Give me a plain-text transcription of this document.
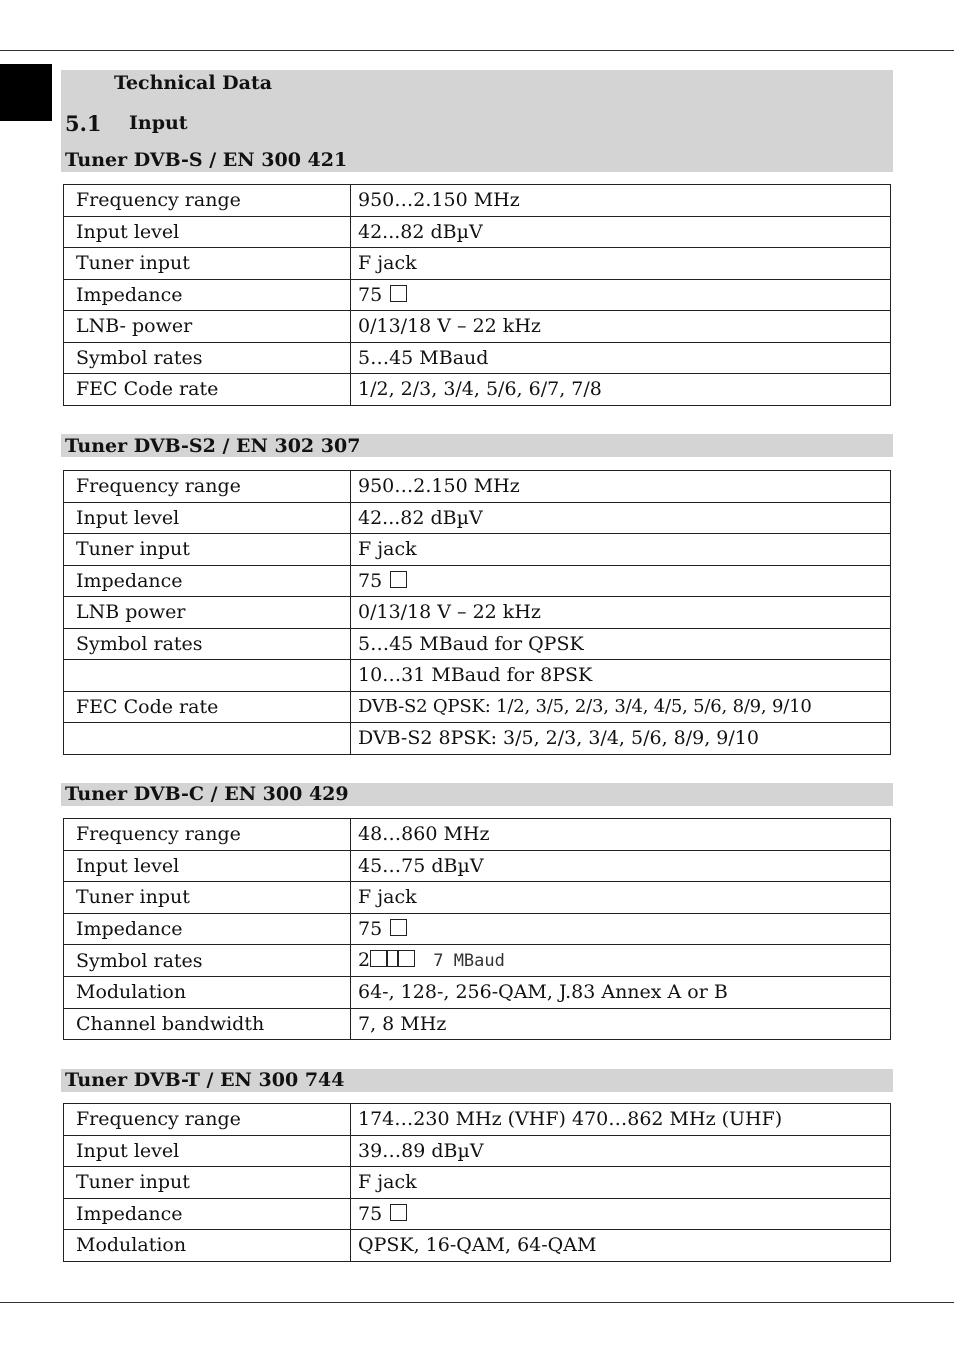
Technical Data
5.1 Input
Tuner DVB-S / EN 300 421
Frequency range	950…2.150 MHz
Input level	42...82 dBµV
Tuner input	F jack
Impedance	75
LNB- power	0/13/18 V – 22 kHz
Symbol rates	5…45 MBaud
FEC Code rate	1/2, 2/3, 3/4, 5/6, 6/7, 7/8
Tuner DVB-S2 / EN 302 307
Frequency range	950…2.150 MHz
Input level	42...82 dBµV
Tuner input	F jack
Impedance	75
LNB power	0/13/18 V – 22 kHz
Symbol rates	5…45 MBaud for QPSK
	10…31 MBaud for 8PSK
FEC Code rate	DVB-S2 QPSK: 1/2, 3/5, 2/3, 3/4, 4/5, 5/6, 8/9, 9/10
	DVB-S2 8PSK: 3/5, 2/3, 3/4, 5/6, 8/9, 9/10
Tuner DVB-C / EN 300 429
Frequency range	48…860 MHz
Input level	45…75 dBµV
Tuner input	F jack
Impedance	75
Symbol rates	2 7 MBaud
Modulation	64-, 128-, 256-QAM, J.83 Annex A or B
Channel bandwidth	7, 8 MHz
Tuner DVB-T / EN 300 744
Frequency range	174…230 MHz (VHF) 470…862 MHz (UHF)
Input level	39…89 dBµV
Tuner input	F jack
Impedance	75
Modulation	QPSK, 16-QAM, 64-QAM
